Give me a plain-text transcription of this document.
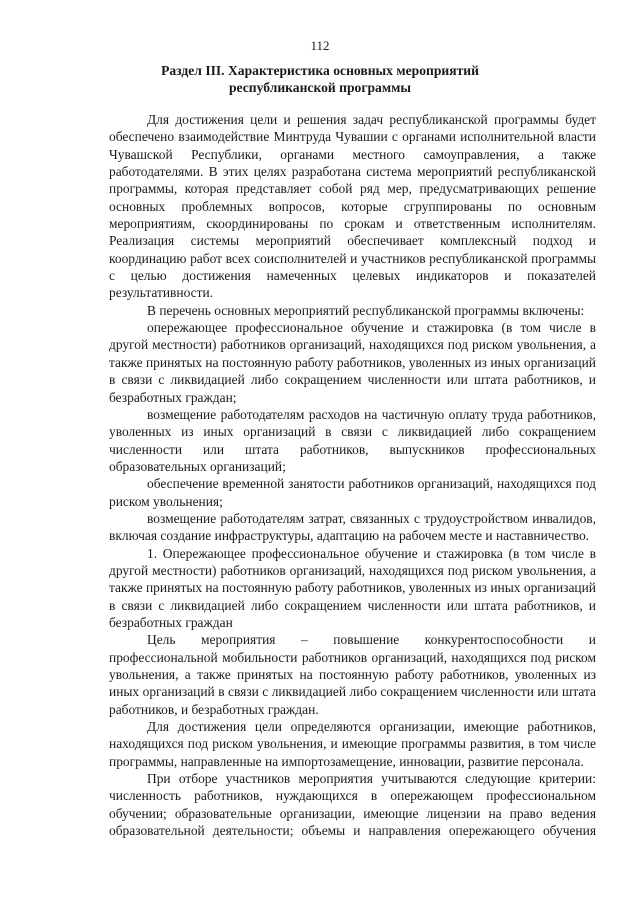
112
Раздел III. Характеристика основных мероприятий
республиканской программы

Для достижения цели и решения задач республиканской программы будет обеспечено взаимодействие Минтруда Чувашии с органами исполнительной власти Чувашской Республики, органами местного самоуправления, а также работодателями. В этих целях разработана система мероприятий республиканской программы, которая представляет собой ряд мер, предусматривающих решение основных проблемных вопросов, которые сгруппированы по основным мероприятиям, скоординированы по срокам и ответственным исполнителям. Реализация системы мероприятий обеспечивает комплексный подход и координацию работ всех соисполнителей и участников республиканской программы с целью достижения намеченных целевых индикаторов и показателей результативности.

В перечень основных мероприятий республиканской программы включены:

опережающее профессиональное обучение и стажировка (в том числе в другой местности) работников организаций, находящихся под риском увольнения, а также принятых на постоянную работу работников, уволенных из иных организаций в связи с ликвидацией либо сокращением численности или штата работников, и безработных граждан;

возмещение работодателям расходов на частичную оплату труда работников, уволенных из иных организаций в связи с ликвидацией либо сокращением численности или штата работников, выпускников профессиональных образовательных организаций;

обеспечение временной занятости работников организаций, находящихся под риском увольнения;

возмещение работодателям затрат, связанных с трудоустройством инвалидов, включая создание инфраструктуры, адаптацию на рабочем месте и наставничество.

1. Опережающее профессиональное обучение и стажировка (в том числе в другой местности) работников организаций, находящихся под риском увольнения, а также принятых на постоянную работу работников, уволенных из иных организаций в связи с ликвидацией либо сокращением численности или штата работников, и безработных граждан

Цель мероприятия – повышение конкурентоспособности и профессиональной мобильности работников организаций, находящихся под риском увольнения, а также принятых на постоянную работу работников, уволенных из иных организаций в связи с ликвидацией либо сокращением численности или штата работников, и безработных граждан.

Для достижения цели определяются организации, имеющие работников, находящихся под риском увольнения, и имеющие программы развития, в том числе программы, направленные на импортозамещение, инновации, развитие персонала.

При отборе участников мероприятия учитываются следующие критерии: численность работников, нуждающихся в опережающем профессиональном обучении; образовательные организации, имеющие лицензии на право ведения образовательной деятельности; объемы и направления опережающего обучения
